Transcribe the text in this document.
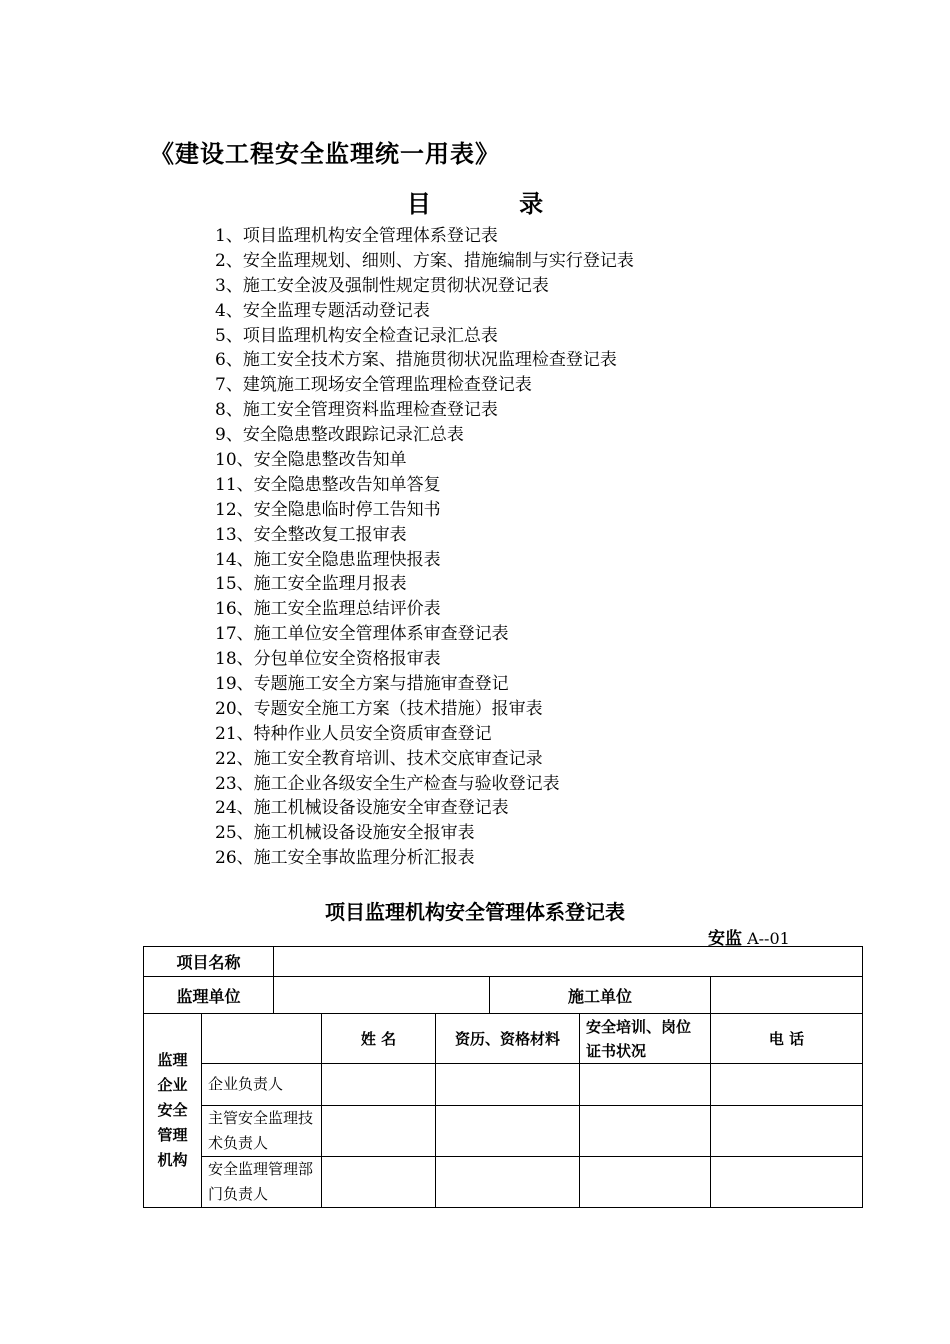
《建设工程安全监理统一用表》
目 录
1、项目监理机构安全管理体系登记表
2、安全监理规划、细则、方案、措施编制与实行登记表
3、施工安全波及强制性规定贯彻状况登记表
4、安全监理专题活动登记表
5、项目监理机构安全检查记录汇总表
6、施工安全技术方案、措施贯彻状况监理检查登记表
7、建筑施工现场安全管理监理检查登记表
8、施工安全管理资料监理检查登记表
9、安全隐患整改跟踪记录汇总表
10、安全隐患整改告知单
11、安全隐患整改告知单答复
12、安全隐患临时停工告知书
13、安全整改复工报审表
14、施工安全隐患监理快报表
15、施工安全监理月报表
16、施工安全监理总结评价表
17、施工单位安全管理体系审查登记表
18、分包单位安全资格报审表
19、专题施工安全方案与措施审查登记
20、专题安全施工方案（技术措施）报审表
21、特种作业人员安全资质审查登记
22、施工安全教育培训、技术交底审查记录
23、施工企业各级安全生产检查与验收登记表
24、施工机械设备设施安全审查登记表
25、施工机械设备设施安全报审表
26、施工安全事故监理分析汇报表
项目监理机构安全管理体系登记表
安监 A--01
项目名称							
监理单位					施工单位		

监理
企业
安全
管理
机构			姓 名	资历、资格材料		安全培训、岗位证书状况	电 话
	企业负责人						
	主管安全监理技术负责人						
	安全监理管理部门负责人						
